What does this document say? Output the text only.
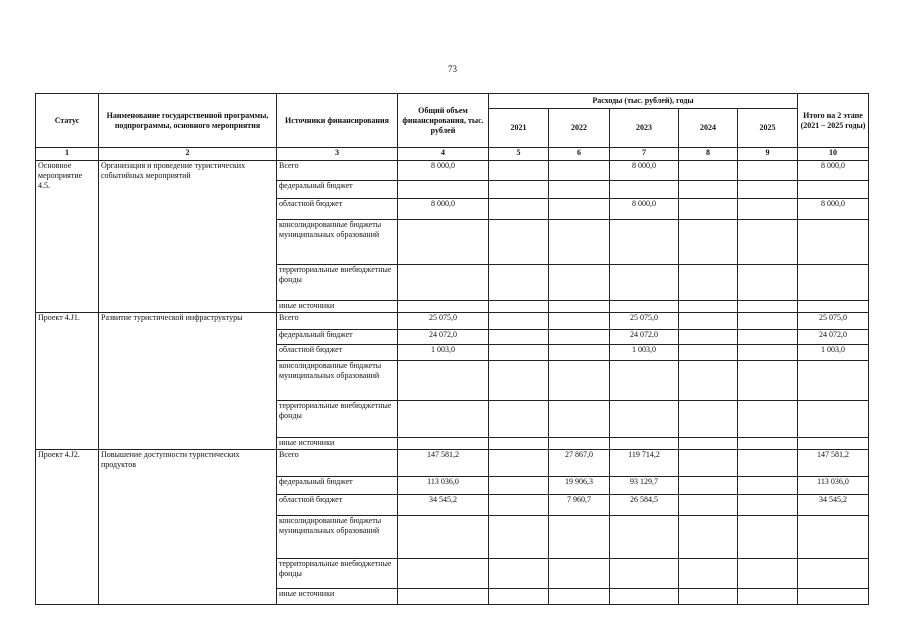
73
Статус	Наименование государственной программы, подпрограммы, основного мероприятия	Источники финансирования	Общий объем финансирования, тыс. рублей	Расходы (тыс. рублей), годы					Итого на 2 этапе (2021 – 2025 годы)
				2021	2022	2023	2024	2025	
1	2	3	4	5	6	7	8	9	10
Основное мероприятие 4.5.	Организация и проведение туристических событийных мероприятий	Всего	8 000,0			8 000,0			8 000,0
		федеральный бюджет							
		областной бюджет	8 000,0			8 000,0			8 000,0
		консолидированные бюджеты муниципальных образований							
		территориальные внебюджетные фонды							
		иные источники							
Проект 4.J1.	Развитие туристической инфраструктуры	Всего	25 075,0			25 075,0			25 075,0
		федеральный бюджет	24 072,0			24 072,0			24 072,0
		областной бюджет	1 003,0			1 003,0			1 003,0
		консолидированные бюджеты муниципальных образований							
		территориальные внебюджетные фонды							
		иные источники							
Проект 4.J2.	Повышение доступности туристических продуктов	Всего	147 581,2		27 867,0	119 714,2			147 581,2
		федеральный бюджет	113 036,0		19 906,3	93 129,7			113 036,0
		областной бюджет	34 545,2		7 960,7	26 584,5			34 545,2
		консолидированные бюджеты муниципальных образований							
		территориальные внебюджетные фонды							
		иные источники							
